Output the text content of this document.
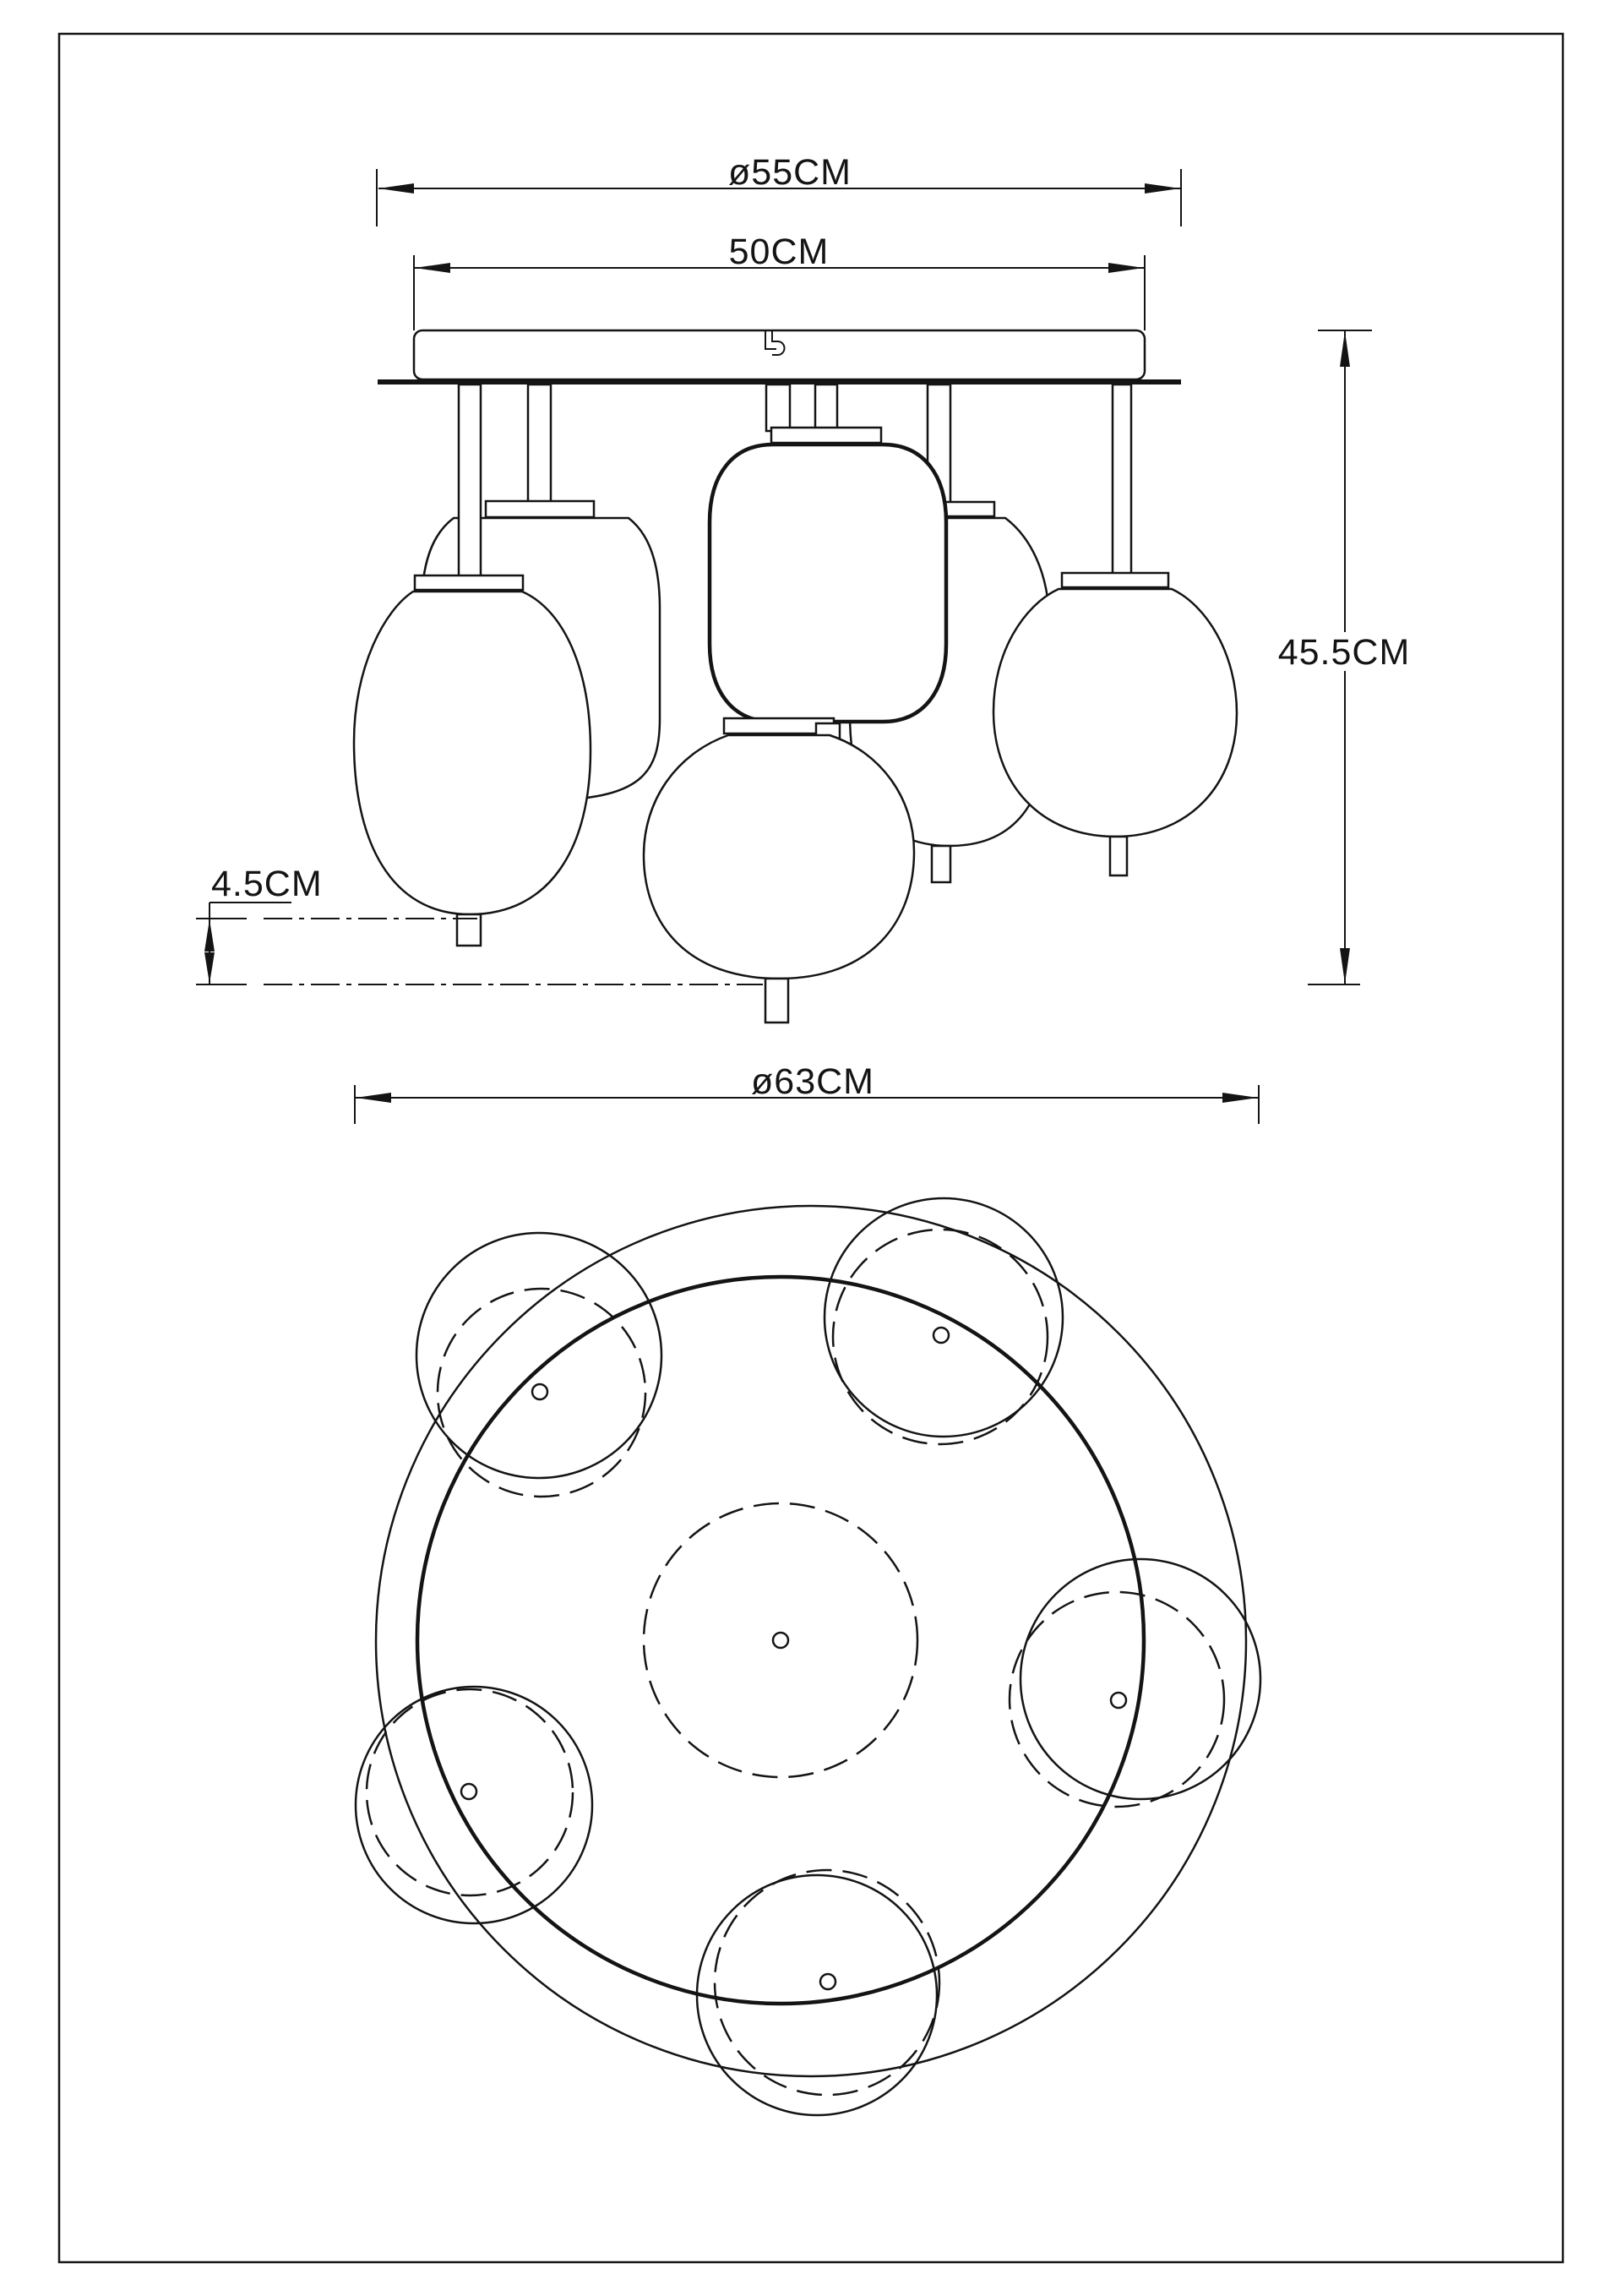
ø55CM
50CM
45.5CM
4.5CM
ø63CM
